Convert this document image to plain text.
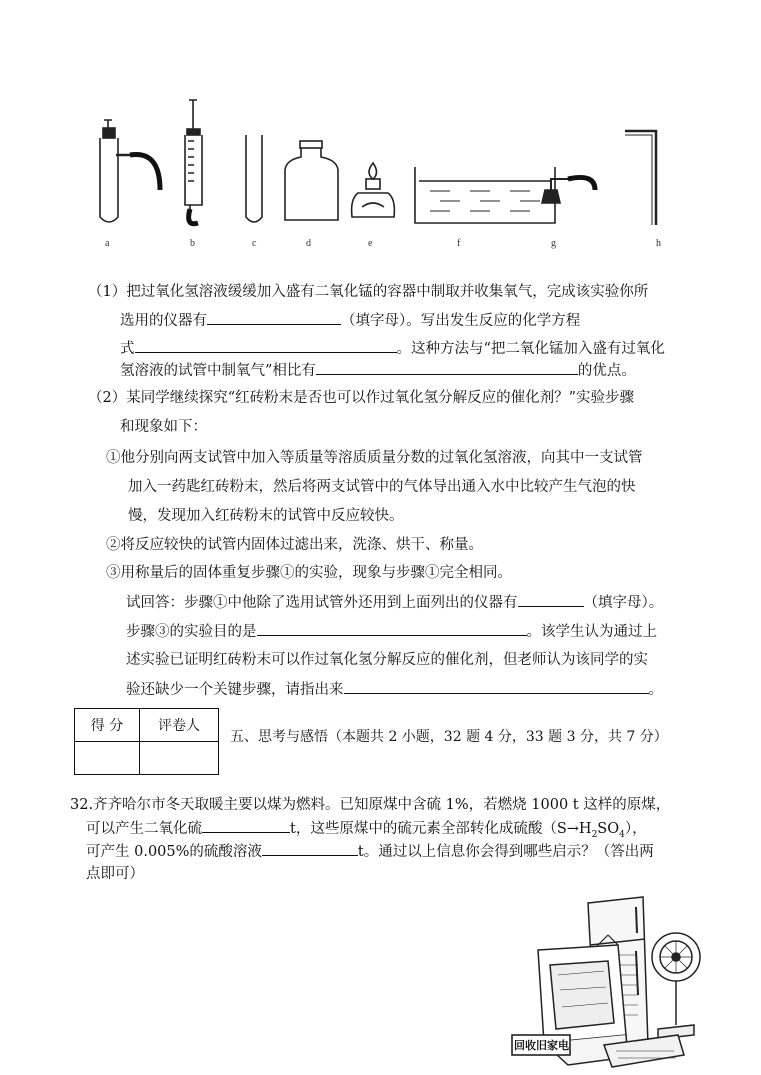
a	b	c	d	e	f	g	h
（1）把过氧化氢溶液缓缓加入盛有二氧化锰的容器中制取并收集氧气，完成该实验你所
选用的仪器有	（填字母）。写出发生反应的化学方程
式	。这种方法与“把二氧化锰加入盛有过氧化
氢溶液的试管中制氧气”相比有	的优点。
（2）某同学继续探究“红砖粉末是否也可以作过氧化氢分解反应的催化剂？”实验步骤
和现象如下：
①他分别向两支试管中加入等质量等溶质质量分数的过氧化氢溶液，向其中一支试管
加入一药匙红砖粉末，然后将两支试管中的气体导出通入水中比较产生气泡的快
慢，发现加入红砖粉末的试管中反应较快。
②将反应较快的试管内固体过滤出来，洗涤、烘干、称量。
③用称量后的固体重复步骤①的实验，现象与步骤①完全相同。
试回答：步骤①中他除了选用试管外还用到上面列出的仪器有	（填字母）。
步骤③的实验目的是	。该学生认为通过上
述实验已证明红砖粉末可以作过氧化氢分解反应的催化剂，但老师认为该同学的实
验还缺少一个关键步骤，请指出来	。
得 分	评卷人

五、思考与感悟（本题共 2 小题，32 题 4 分，33 题 3 分，共 7 分）
32.齐齐哈尔市冬天取暖主要以煤为燃料。已知原煤中含硫 1%，若燃烧 1000 t 这样的原煤，
可以产生二氧化硫	t，这些原煤中的硫元素全部转化成硫酸$(S\to H_2SO_4)$，
可产生 0.005%的硫酸溶液	t。通过以上信息你会得到哪些启示？（答出两
点即可）
回收旧家电
